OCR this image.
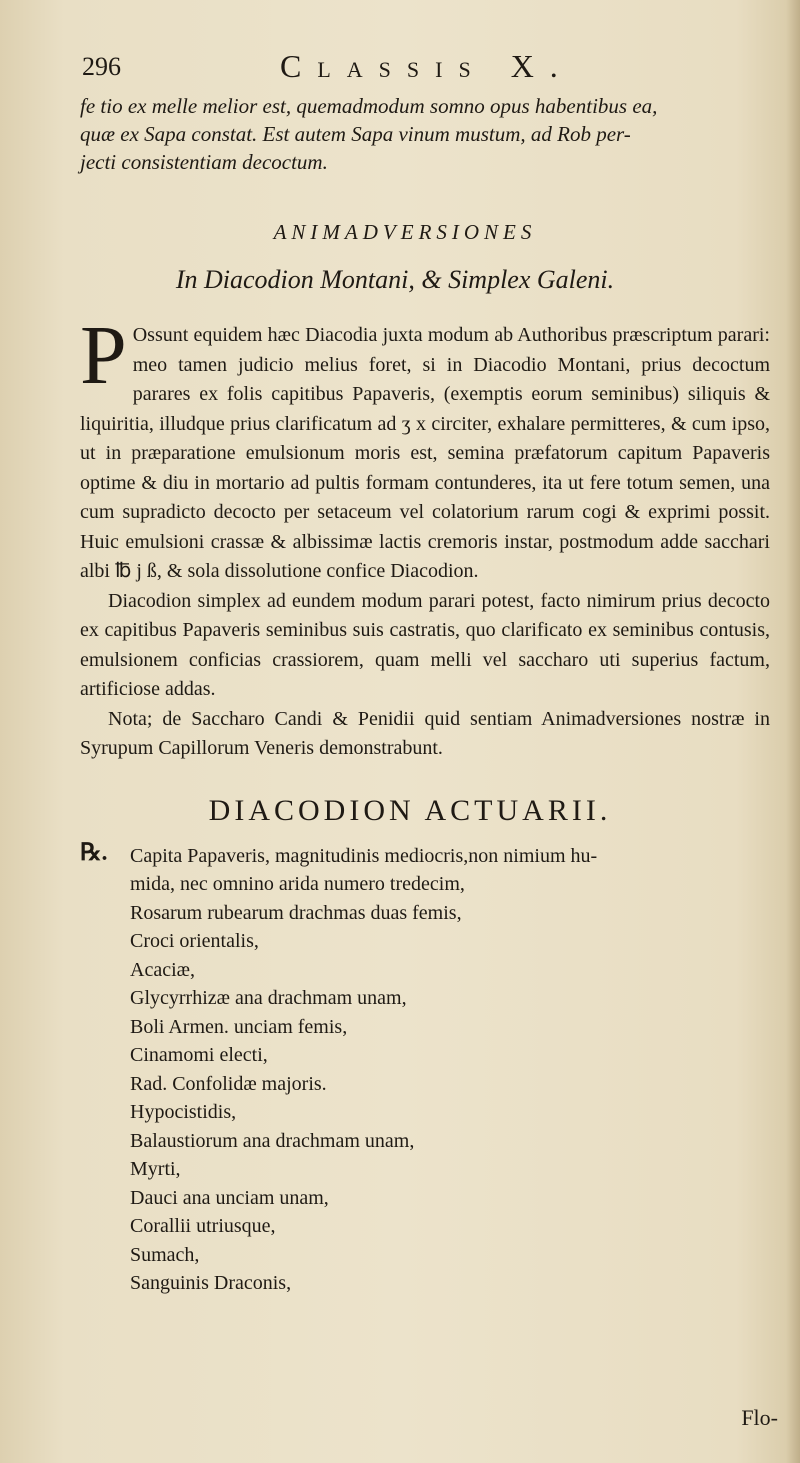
296	Classis X.
fe tio ex melle melior est, quemadmodum somno opus habentibus ea,
quæ ex Sapa constat. Est autem Sapa vinum mustum, ad Rob per-
jecti consistentiam decoctum.
ANIMADVERSIONES
In Diacodion Montani, & Simplex Galeni.

P Ossunt equidem hæc Diacodia juxta modum ab Authoribus præscriptum parari: meo tamen judicio melius foret, si in Diacodio Montani, prius decoctum parares ex folis capitibus Papaveris, (exemptis eorum seminibus) siliquis & liquiritia, illudque prius clarificatum ad ʒ x circiter, exhalare permitteres, & cum ipso, ut in præparatione emulsionum moris est, semina præfatorum capitum Papaveris optime & diu in mortario ad pultis formam contunderes, ita ut fere totum semen, una cum supradicto decocto per setaceum vel colatorium rarum cogi & exprimi possit. Huic emulsioni crassæ & albissimæ lactis cremoris instar, postmodum adde sacchari albi ℔ j ß, & sola dissolutione confice Diacodion.

Diacodion simplex ad eundem modum parari potest, facto nimirum prius decocto ex capitibus Papaveris seminibus suis castratis, quo clarificato ex seminibus contusis, emulsionem conficias crassiorem, quam melli vel saccharo uti superius factum, artificiose addas.

Nota; de Saccharo Candi & Penidii quid sentiam Animadversiones nostræ in Syrupum Capillorum Veneris demonstrabunt.

DIACODION ACTUARII.
℞. Capita Papaveris, magnitudinis mediocris,non nimium hu-
mida, nec omnino arida numero tredecim,
Rosarum rubearum drachmas duas femis,
Croci orientalis,
Acaciæ,
Glycyrrhizæ ana drachmam unam,
Boli Armen. unciam femis,
Cinamomi electi,
Rad. Confolidæ majoris.
Hypocistidis,
Balaustiorum ana drachmam unam,
Myrti,
Dauci ana unciam unam,
Corallii utriusque,
Sumach,
Sanguinis Draconis,
Flo-
